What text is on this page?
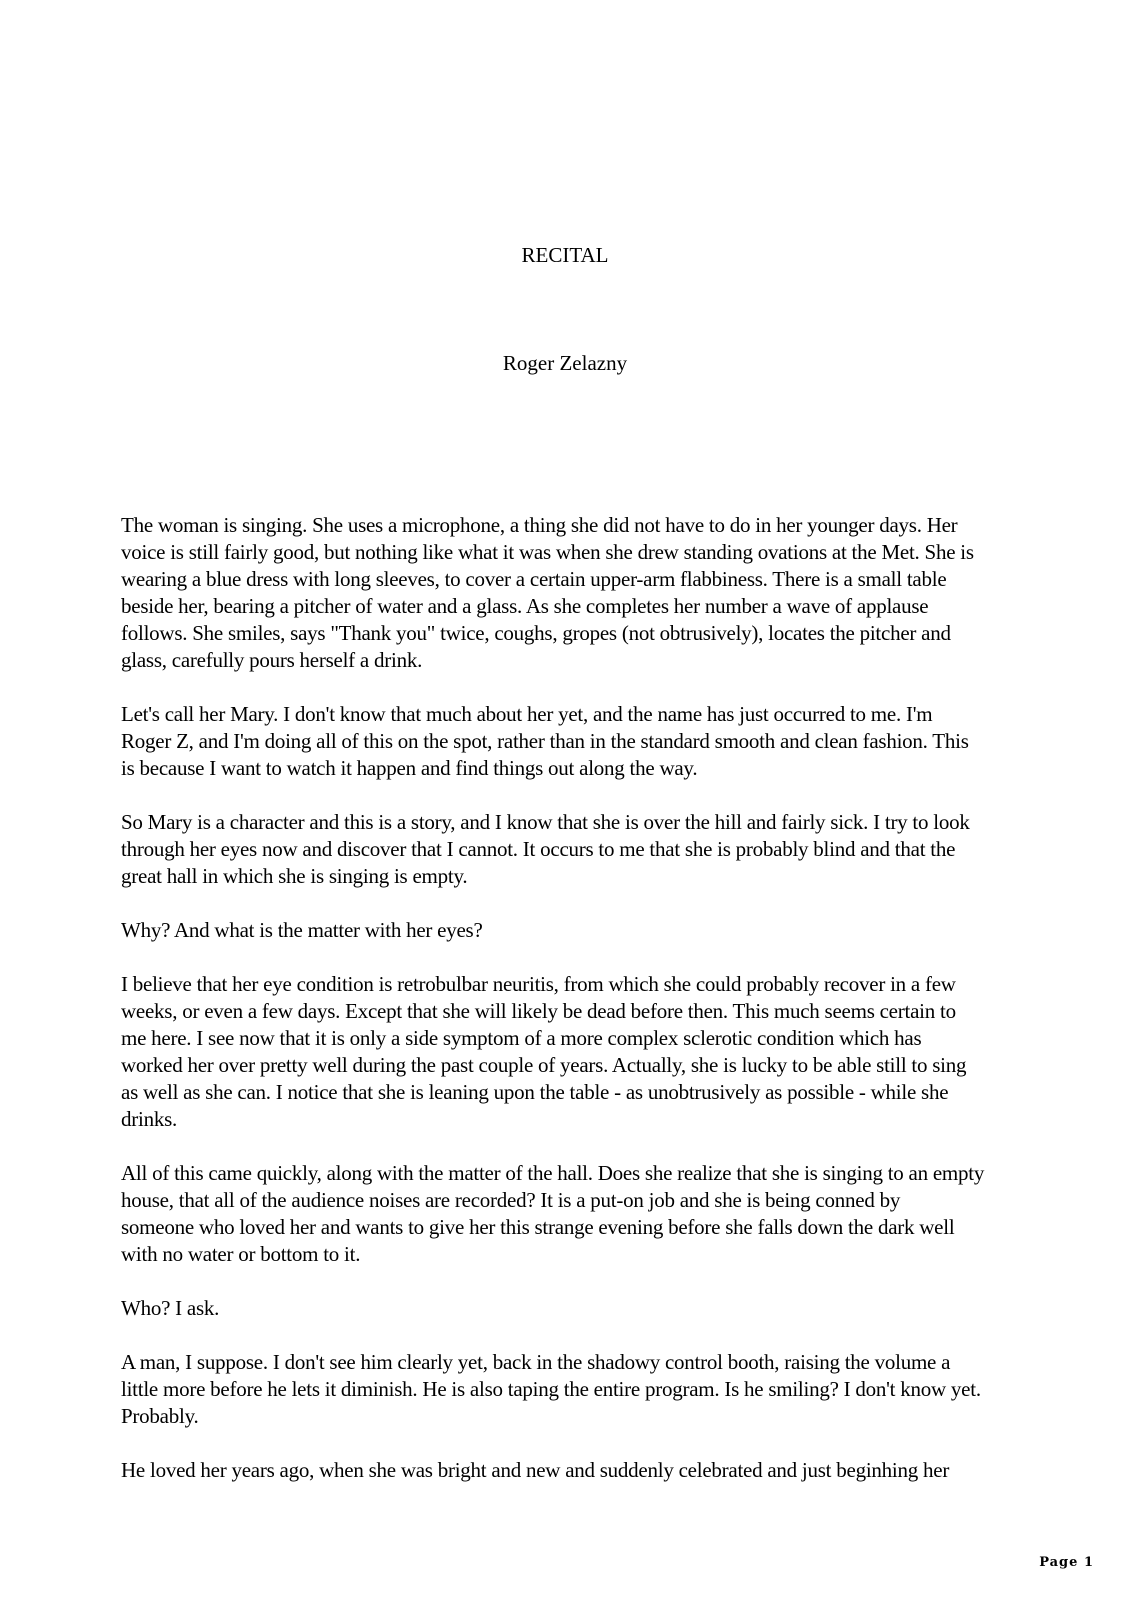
RECITAL
Roger Zelazny

The woman is singing. She uses a microphone, a thing she did not have to do in her younger days. Her
voice is still fairly good, but nothing like what it was when she drew standing ovations at the Met. She is
wearing a blue dress with long sleeves, to cover a certain upper-arm flabbiness. There is a small table
beside her, bearing a pitcher of water and a glass. As she completes her number a wave of applause
follows. She smiles, says "Thank you" twice, coughs, gropes (not obtrusively), locates the pitcher and
glass, carefully pours herself a drink.

Let's call her Mary. I don't know that much about her yet, and the name has just occurred to me. I'm
Roger Z, and I'm doing all of this on the spot, rather than in the standard smooth and clean fashion. This
is because I want to watch it happen and find things out along the way.

So Mary is a character and this is a story, and I know that she is over the hill and fairly sick. I try to look
through her eyes now and discover that I cannot. It occurs to me that she is probably blind and that the
great hall in which she is singing is empty.

Why? And what is the matter with her eyes?

I believe that her eye condition is retrobulbar neuritis, from which she could probably recover in a few
weeks, or even a few days. Except that she will likely be dead before then. This much seems certain to
me here. I see now that it is only a side symptom of a more complex sclerotic condition which has
worked her over pretty well during the past couple of years. Actually, she is lucky to be able still to sing
as well as she can. I notice that she is leaning upon the table - as unobtrusively as possible - while she
drinks.

All of this came quickly, along with the matter of the hall. Does she realize that she is singing to an empty
house, that all of the audience noises are recorded? It is a put-on job and she is being conned by
someone who loved her and wants to give her this strange evening before she falls down the dark well
with no water or bottom to it.

Who? I ask.

A man, I suppose. I don't see him clearly yet, back in the shadowy control booth, raising the volume a
little more before he lets it diminish. He is also taping the entire program. Is he smiling? I don't know yet.
Probably.

He loved her years ago, when she was bright and new and suddenly celebrated and just beginhing her

Page 1
